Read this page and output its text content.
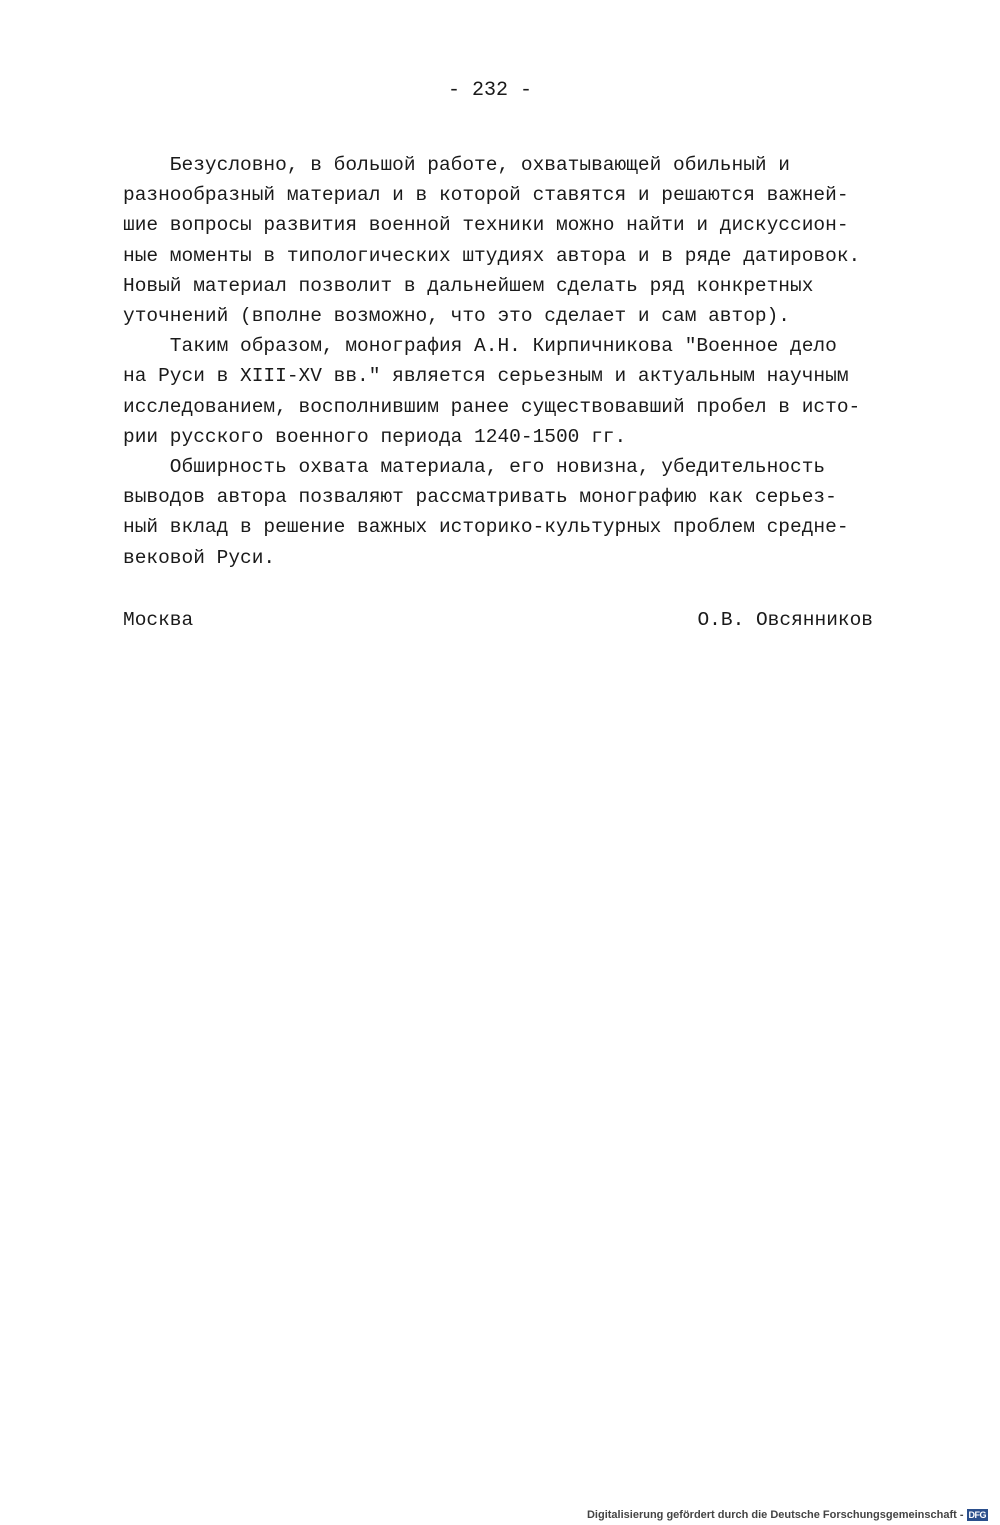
- 232 -
Безусловно, в большой работе, охватывающей обильный и
разнообразный материал и в которой ставятся и решаются важней-
шие вопросы развития военной техники можно найти и дискуссион-
ные моменты в типологических штудиях автора и в ряде датировок.
Новый материал позволит в дальнейшем сделать ряд конкретных
уточнений (вполне возможно, что это сделает и сам автор).
Таким образом, монография А.Н. Кирпичникова "Военное дело
на Руси в XIII-XV вв." является серьезным и актуальным научным
исследованием, восполнившим ранее существовавший пробел в исто-
рии русского военного периода 1240-1500 гг.
Обширность охвата материала, его новизна, убедительность
выводов автора позваляют рассматривать монографию как серьез-
ный вклад в решение важных историко-культурных проблем средне-
вековой Руси.
Москва	О.В. Овсянников
Digitalisierung gefördert durch die Deutsche Forschungsgemeinschaft - DFG
